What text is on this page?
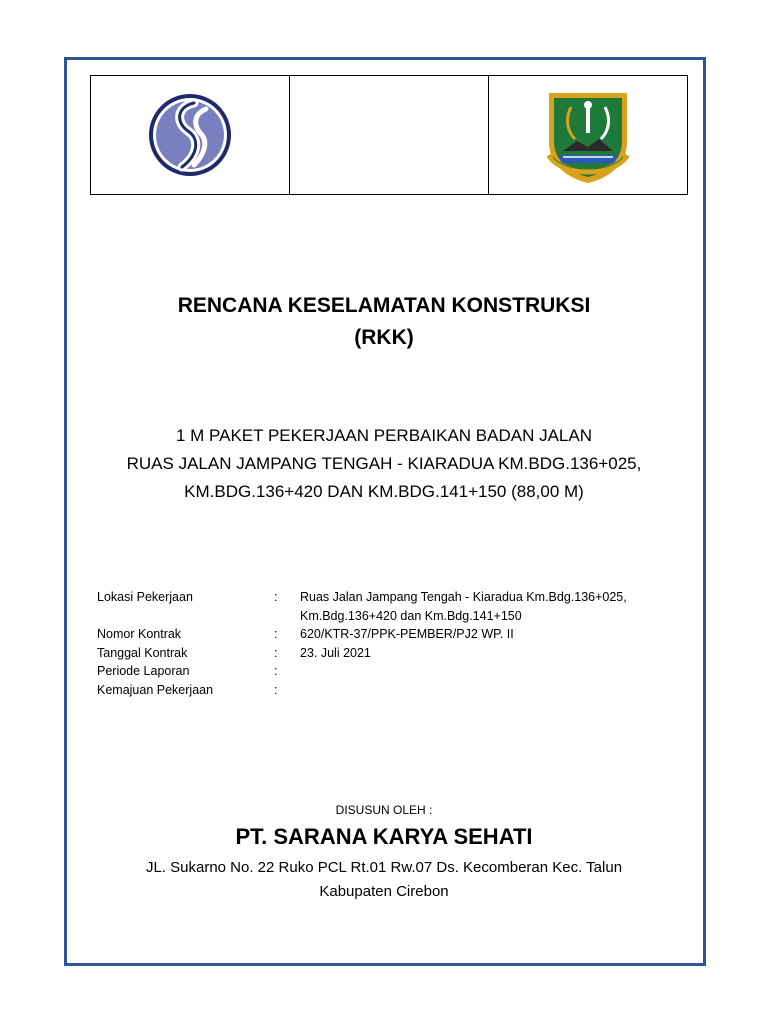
RENCANA KESELAMATAN KONSTRUKSI
(RKK)
1 M PAKET PEKERJAAN PERBAIKAN BADAN JALAN
RUAS JALAN JAMPANG TENGAH - KIARADUA KM.BDG.136+025,
KM.BDG.136+420 DAN KM.BDG.141+150 (88,00 M)
Lokasi Pekerjaan	:	Ruas Jalan Jampang Tengah - Kiaradua Km.Bdg.136+025,
Km.Bdg.136+420 dan Km.Bdg.141+150
Nomor Kontrak	:	620/KTR-37/PPK-PEMBER/PJ2 WP. II
Tanggal Kontrak	:	23. Juli 2021
Periode Laporan	:
Kemajuan Pekerjaan	:
DISUSUN OLEH :
PT. SARANA KARYA SEHATI
JL. Sukarno No. 22 Ruko PCL Rt.01 Rw.07 Ds. Kecomberan Kec. Talun
Kabupaten Cirebon
